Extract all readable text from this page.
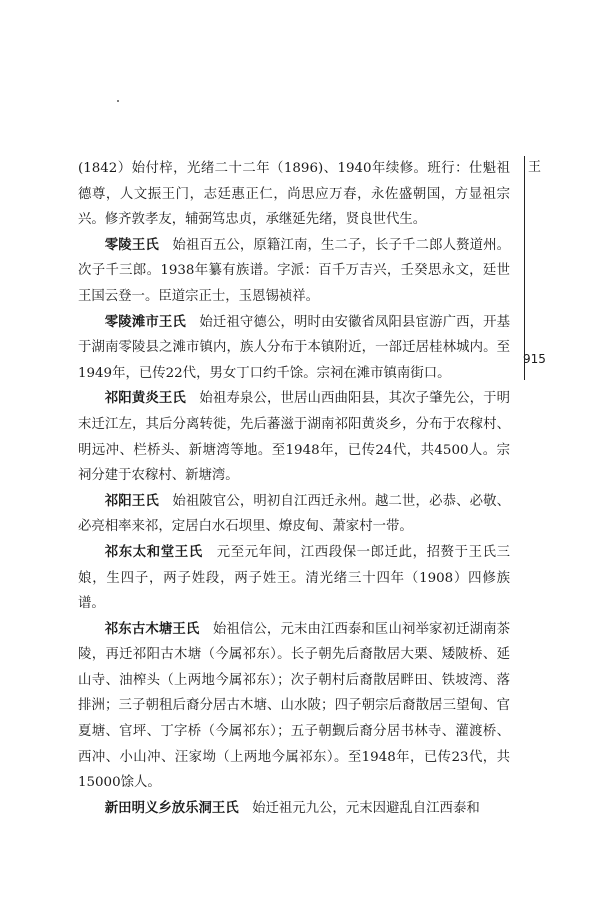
(1842）始付梓，光绪二十二年（1896)、1940年续修。班行：仕魁祖德尊，人文振王门，志廷惠正仁，尚思应万春，永佐盛朝国，方显祖宗兴。修齐敦孝友，辅弼笃忠贞，承继延先绪，贤良世代生。

零陵王氏　 始祖百五公，原籍江南，生二子，长子千二郎人赘道州。次子千三郎。1938年纂有族谱。字派：百千万吉兴，壬癸思永文，廷世王国云登一。臣道宗正士，玉恩锡祯祥。

零陵滩市王氏　 始迁祖守德公，明时由安徽省凤阳县宦游广西，开基于湖南零陵县之滩市镇内，族人分布于本镇附近，一部迁居桂林城内。至1949年，已传22代，男女丁口约千馀。宗祠在滩市镇南街口。

祁阳黄炎王氏　 始祖寿泉公，世居山西曲阳县，其次子肇先公，于明末迁江左，其后分离转徙，先后蕃滋于湖南祁阳黄炎乡，分布于农稼村、明远冲、栏桥头、新塘湾等地。至1948年，已传24代，共4500人。宗祠分建于农稼村、新塘湾。

祁阳王氏　 始祖陂官公，明初自江西迁永州。越二世，必恭、必敬、必亮相率来祁，定居白水石坝里、燎皮甸、萧家村一带。

祁东太和堂王氏　 元至元年间，江西段保一郎迁此，招赘于王氏三娘，生四子，两子姓段，两子姓王。清光绪三十四年（1908）四修族谱。

祁东古木塘王氏　 始祖信公，元末由江西泰和匡山祠举家初迁湖南茶陵，再迁祁阳古木塘（今属祁东）。长子朝先后裔散居大栗、矮陂桥、延山寺、油榨头（上两地今属祁东）；次子朝村后裔散居畔田、铁坡湾、落排洲；三子朝租后裔分居古木塘、山水陂；四子朝宗后裔散居三望甸、官夏塘、官坪、丁字桥（今属祁东）；五子朝觐后裔分居书林寺、灌渡桥、西冲、小山冲、汪家坳（上两地今属祁东）。至1948年，已传23代，共15000馀人。

新田明义乡放乐洞王氏　 始迁祖元九公，元末因避乱自江西泰和

王
915
